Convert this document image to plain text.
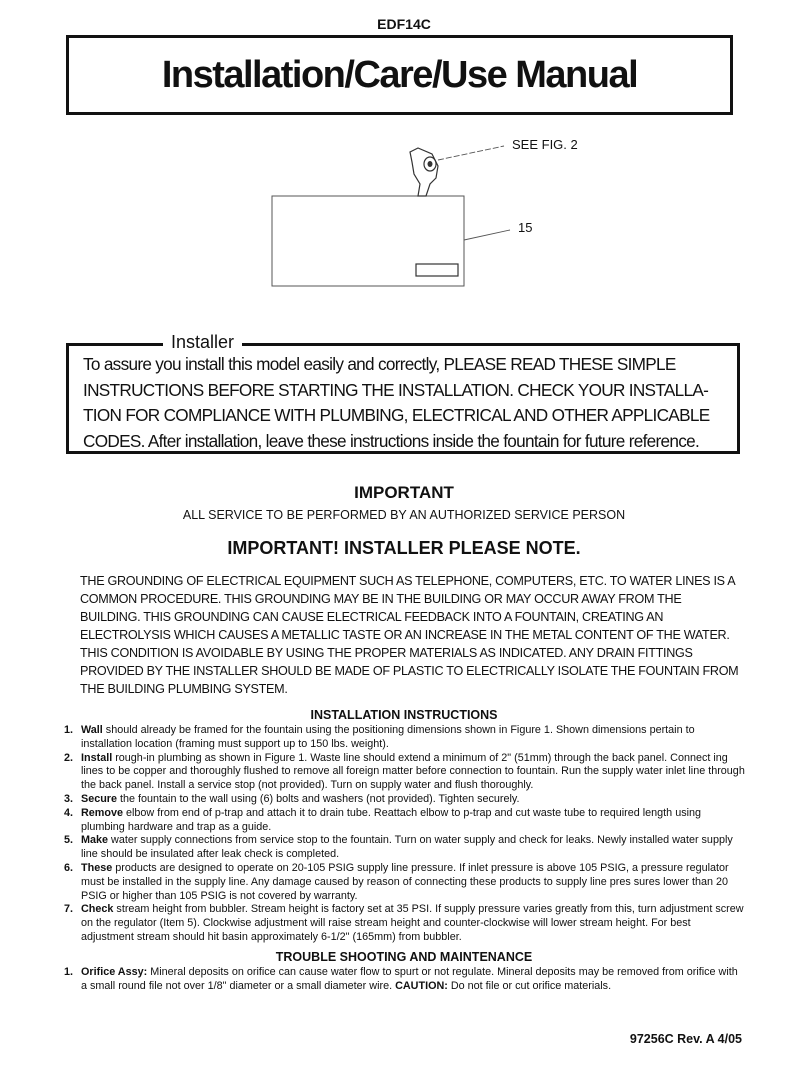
EDF14C
Installation/Care/Use Manual
SEE FIG. 2
15
Installer
To assure you install this model easily and correctly, PLEASE READ THESE SIMPLE INSTRUCTIONS BEFORE STARTING THE INSTALLATION. CHECK YOUR INSTALLA-TION FOR COMPLIANCE WITH PLUMBING, ELECTRICAL AND OTHER APPLICABLE CODES. After installation, leave these instructions inside the fountain for future reference.
IMPORTANT
ALL SERVICE TO BE PERFORMED BY AN AUTHORIZED SERVICE PERSON
IMPORTANT! INSTALLER PLEASE NOTE.
THE GROUNDING OF ELECTRICAL EQUIPMENT SUCH AS TELEPHONE, COMPUTERS, ETC. TO WATER LINES IS A COMMON PROCEDURE. THIS GROUNDING MAY BE IN THE BUILDING OR MAY OCCUR AWAY FROM THE BUILDING. THIS GROUNDING CAN CAUSE ELECTRICAL FEEDBACK INTO A FOUNTAIN, CREATING AN ELECTROLYSIS WHICH CAUSES A METALLIC TASTE OR AN INCREASE IN THE METAL CONTENT OF THE WATER. THIS CONDITION IS AVOIDABLE BY USING THE PROPER MATERIALS AS INDICATED. ANY DRAIN FITTINGS PROVIDED BY THE INSTALLER SHOULD BE MADE OF PLASTIC TO ELECTRICALLY ISOLATE THE FOUNTAIN FROM THE BUILDING PLUMBING SYSTEM.
INSTALLATION INSTRUCTIONS

1. Wall should already be framed for the fountain using the positioning dimensions shown in Figure 1. Shown dimensions pertain to installation location (framing must support up to 150 lbs. weight).

2. Install rough-in plumbing as shown in Figure 1. Waste line should extend a minimum of 2" (51mm) through the back panel. Connect ing lines to be copper and thoroughly flushed to remove all foreign matter before connection to fountain. Run the supply water inlet line through the back panel. Install a service stop (not provided). Turn on supply water and flush thoroughly.

3. Secure the fountain to the wall using (6) bolts and washers (not provided). Tighten securely.

4. Remove elbow from end of p-trap and attach it to drain tube. Reattach elbow to p-trap and cut waste tube to required length using plumbing hardware and trap as a guide.

5. Make water supply connections from service stop to the fountain. Turn on water supply and check for leaks. Newly installed water supply line should be insulated after leak check is completed.

6. These products are designed to operate on 20-105 PSIG supply line pressure. If inlet pressure is above 105 PSIG, a pressure regulator must be installed in the supply line. Any damage caused by reason of connecting these products to supply line pres sures lower than 20 PSIG or higher than 105 PSIG is not covered by warranty.

7. Check stream height from bubbler. Stream height is factory set at 35 PSI. If supply pressure varies greatly from this, turn adjustment screw on the regulator (Item 5). Clockwise adjustment will raise stream height and counter-clockwise will lower stream height. For best adjustment stream should hit basin approximately 6-1/2" (165mm) from bubbler.

TROUBLE SHOOTING AND MAINTENANCE

1. Orifice Assy: Mineral deposits on orifice can cause water flow to spurt or not regulate. Mineral deposits may be removed from orifice with a small round file not over 1/8" diameter or a small diameter wire. CAUTION: Do not file or cut orifice materials.

97256C Rev. A 4/05
